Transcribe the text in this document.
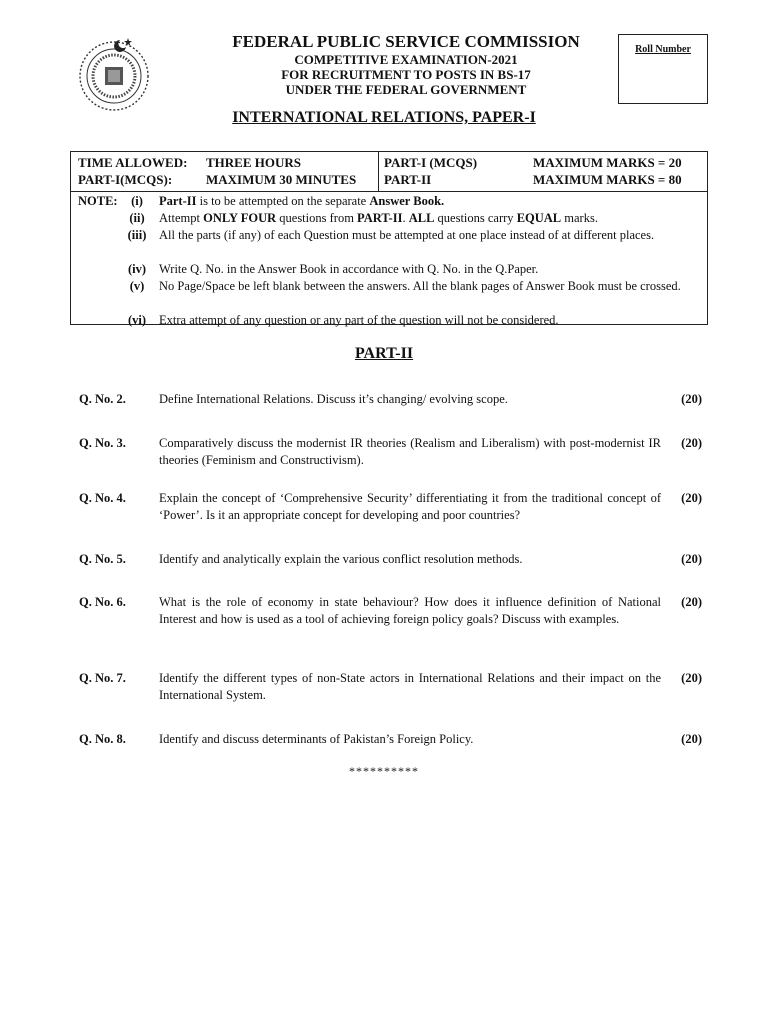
FEDERAL PUBLIC SERVICE COMMISSION
COMPETITIVE EXAMINATION-2021
FOR RECRUITMENT TO POSTS IN BS-17
UNDER THE FEDERAL GOVERNMENT
Roll Number
INTERNATIONAL RELATIONS, PAPER-I
TIME ALLOWED: THREE HOURS
PART-I(MCQS):	MAXIMUM 30 MINUTES
PART-I (MCQS)	MAXIMUM MARKS = 20
PART-II	MAXIMUM MARKS = 80
NOTE:	(i)	Part-II is to be attempted on the separate Answer Book.
(ii)	Attempt ONLY FOUR questions from PART-II. ALL questions carry EQUAL marks.
(iii)	All the parts (if any) of each Question must be attempted at one place instead of at different places.
(iv)	Write Q. No. in the Answer Book in accordance with Q. No. in the Q.Paper.
(v)	No Page/Space be left blank between the answers. All the blank pages of Answer Book must be crossed.
(vi)	Extra attempt of any question or any part of the question will not be considered.
PART-II
Q. No. 2.	Define International Relations. Discuss it’s changing/ evolving scope.	(20)
Q. No. 3.	Comparatively discuss the modernist IR theories (Realism and Liberalism) with post-modernist IR theories (Feminism and Constructivism).
(20)
Q. No. 4.	Explain the concept of ‘Comprehensive Security’ differentiating it from the traditional concept of ‘Power’. Is it an appropriate concept for developing and poor countries?
(20)
Q. No. 5.	Identify and analytically explain the various conflict resolution methods.	(20)
Q. No. 6.	What is the role of economy in state behaviour? How does it influence definition of National Interest and how is used as a tool of achieving foreign policy goals? Discuss with examples.
(20)
Q. No. 7.	Identify the different types of non-State actors in International Relations and their impact on the International System.
(20)
Q. No. 8.	Identify and discuss determinants of Pakistan’s Foreign Policy.	(20)
**********
